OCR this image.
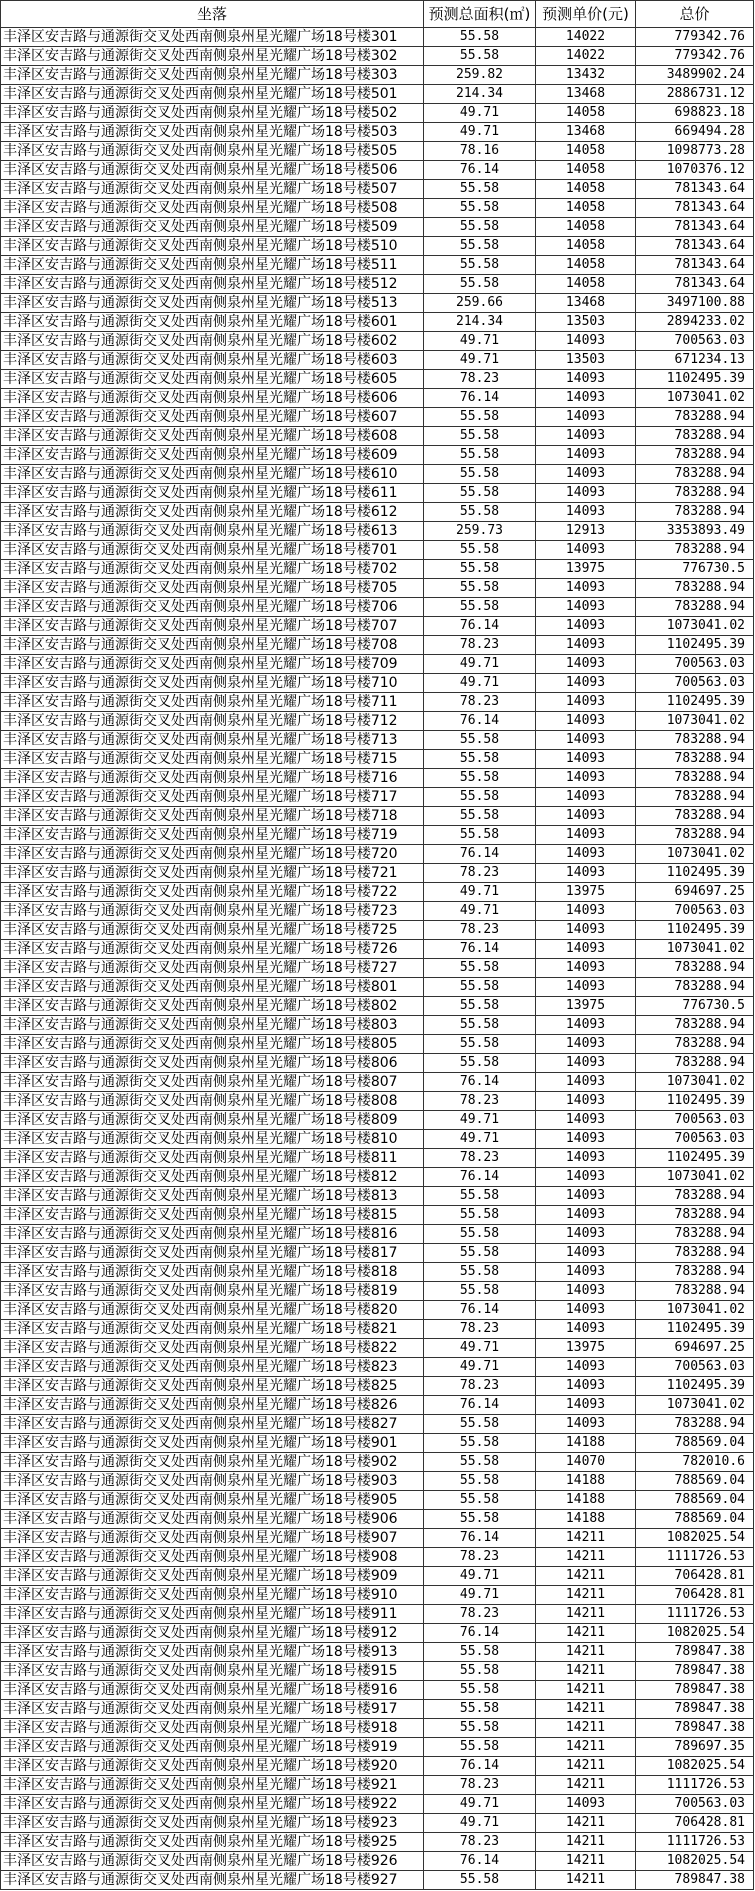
坐落	预测总面积(㎡)	预测单价(元)	总价
丰泽区安吉路与通源街交叉处西南侧泉州星光耀广场18号楼301	55.58	14022	779342.76
丰泽区安吉路与通源街交叉处西南侧泉州星光耀广场18号楼302	55.58	14022	779342.76
丰泽区安吉路与通源街交叉处西南侧泉州星光耀广场18号楼303	259.82	13432	3489902.24
丰泽区安吉路与通源街交叉处西南侧泉州星光耀广场18号楼501	214.34	13468	2886731.12
丰泽区安吉路与通源街交叉处西南侧泉州星光耀广场18号楼502	49.71	14058	698823.18
丰泽区安吉路与通源街交叉处西南侧泉州星光耀广场18号楼503	49.71	13468	669494.28
丰泽区安吉路与通源街交叉处西南侧泉州星光耀广场18号楼505	78.16	14058	1098773.28
丰泽区安吉路与通源街交叉处西南侧泉州星光耀广场18号楼506	76.14	14058	1070376.12
丰泽区安吉路与通源街交叉处西南侧泉州星光耀广场18号楼507	55.58	14058	781343.64
丰泽区安吉路与通源街交叉处西南侧泉州星光耀广场18号楼508	55.58	14058	781343.64
丰泽区安吉路与通源街交叉处西南侧泉州星光耀广场18号楼509	55.58	14058	781343.64
丰泽区安吉路与通源街交叉处西南侧泉州星光耀广场18号楼510	55.58	14058	781343.64
丰泽区安吉路与通源街交叉处西南侧泉州星光耀广场18号楼511	55.58	14058	781343.64
丰泽区安吉路与通源街交叉处西南侧泉州星光耀广场18号楼512	55.58	14058	781343.64
丰泽区安吉路与通源街交叉处西南侧泉州星光耀广场18号楼513	259.66	13468	3497100.88
丰泽区安吉路与通源街交叉处西南侧泉州星光耀广场18号楼601	214.34	13503	2894233.02
丰泽区安吉路与通源街交叉处西南侧泉州星光耀广场18号楼602	49.71	14093	700563.03
丰泽区安吉路与通源街交叉处西南侧泉州星光耀广场18号楼603	49.71	13503	671234.13
丰泽区安吉路与通源街交叉处西南侧泉州星光耀广场18号楼605	78.23	14093	1102495.39
丰泽区安吉路与通源街交叉处西南侧泉州星光耀广场18号楼606	76.14	14093	1073041.02
丰泽区安吉路与通源街交叉处西南侧泉州星光耀广场18号楼607	55.58	14093	783288.94
丰泽区安吉路与通源街交叉处西南侧泉州星光耀广场18号楼608	55.58	14093	783288.94
丰泽区安吉路与通源街交叉处西南侧泉州星光耀广场18号楼609	55.58	14093	783288.94
丰泽区安吉路与通源街交叉处西南侧泉州星光耀广场18号楼610	55.58	14093	783288.94
丰泽区安吉路与通源街交叉处西南侧泉州星光耀广场18号楼611	55.58	14093	783288.94
丰泽区安吉路与通源街交叉处西南侧泉州星光耀广场18号楼612	55.58	14093	783288.94
丰泽区安吉路与通源街交叉处西南侧泉州星光耀广场18号楼613	259.73	12913	3353893.49
丰泽区安吉路与通源街交叉处西南侧泉州星光耀广场18号楼701	55.58	14093	783288.94
丰泽区安吉路与通源街交叉处西南侧泉州星光耀广场18号楼702	55.58	13975	776730.5
丰泽区安吉路与通源街交叉处西南侧泉州星光耀广场18号楼705	55.58	14093	783288.94
丰泽区安吉路与通源街交叉处西南侧泉州星光耀广场18号楼706	55.58	14093	783288.94
丰泽区安吉路与通源街交叉处西南侧泉州星光耀广场18号楼707	76.14	14093	1073041.02
丰泽区安吉路与通源街交叉处西南侧泉州星光耀广场18号楼708	78.23	14093	1102495.39
丰泽区安吉路与通源街交叉处西南侧泉州星光耀广场18号楼709	49.71	14093	700563.03
丰泽区安吉路与通源街交叉处西南侧泉州星光耀广场18号楼710	49.71	14093	700563.03
丰泽区安吉路与通源街交叉处西南侧泉州星光耀广场18号楼711	78.23	14093	1102495.39
丰泽区安吉路与通源街交叉处西南侧泉州星光耀广场18号楼712	76.14	14093	1073041.02
丰泽区安吉路与通源街交叉处西南侧泉州星光耀广场18号楼713	55.58	14093	783288.94
丰泽区安吉路与通源街交叉处西南侧泉州星光耀广场18号楼715	55.58	14093	783288.94
丰泽区安吉路与通源街交叉处西南侧泉州星光耀广场18号楼716	55.58	14093	783288.94
丰泽区安吉路与通源街交叉处西南侧泉州星光耀广场18号楼717	55.58	14093	783288.94
丰泽区安吉路与通源街交叉处西南侧泉州星光耀广场18号楼718	55.58	14093	783288.94
丰泽区安吉路与通源街交叉处西南侧泉州星光耀广场18号楼719	55.58	14093	783288.94
丰泽区安吉路与通源街交叉处西南侧泉州星光耀广场18号楼720	76.14	14093	1073041.02
丰泽区安吉路与通源街交叉处西南侧泉州星光耀广场18号楼721	78.23	14093	1102495.39
丰泽区安吉路与通源街交叉处西南侧泉州星光耀广场18号楼722	49.71	13975	694697.25
丰泽区安吉路与通源街交叉处西南侧泉州星光耀广场18号楼723	49.71	14093	700563.03
丰泽区安吉路与通源街交叉处西南侧泉州星光耀广场18号楼725	78.23	14093	1102495.39
丰泽区安吉路与通源街交叉处西南侧泉州星光耀广场18号楼726	76.14	14093	1073041.02
丰泽区安吉路与通源街交叉处西南侧泉州星光耀广场18号楼727	55.58	14093	783288.94
丰泽区安吉路与通源街交叉处西南侧泉州星光耀广场18号楼801	55.58	14093	783288.94
丰泽区安吉路与通源街交叉处西南侧泉州星光耀广场18号楼802	55.58	13975	776730.5
丰泽区安吉路与通源街交叉处西南侧泉州星光耀广场18号楼803	55.58	14093	783288.94
丰泽区安吉路与通源街交叉处西南侧泉州星光耀广场18号楼805	55.58	14093	783288.94
丰泽区安吉路与通源街交叉处西南侧泉州星光耀广场18号楼806	55.58	14093	783288.94
丰泽区安吉路与通源街交叉处西南侧泉州星光耀广场18号楼807	76.14	14093	1073041.02
丰泽区安吉路与通源街交叉处西南侧泉州星光耀广场18号楼808	78.23	14093	1102495.39
丰泽区安吉路与通源街交叉处西南侧泉州星光耀广场18号楼809	49.71	14093	700563.03
丰泽区安吉路与通源街交叉处西南侧泉州星光耀广场18号楼810	49.71	14093	700563.03
丰泽区安吉路与通源街交叉处西南侧泉州星光耀广场18号楼811	78.23	14093	1102495.39
丰泽区安吉路与通源街交叉处西南侧泉州星光耀广场18号楼812	76.14	14093	1073041.02
丰泽区安吉路与通源街交叉处西南侧泉州星光耀广场18号楼813	55.58	14093	783288.94
丰泽区安吉路与通源街交叉处西南侧泉州星光耀广场18号楼815	55.58	14093	783288.94
丰泽区安吉路与通源街交叉处西南侧泉州星光耀广场18号楼816	55.58	14093	783288.94
丰泽区安吉路与通源街交叉处西南侧泉州星光耀广场18号楼817	55.58	14093	783288.94
丰泽区安吉路与通源街交叉处西南侧泉州星光耀广场18号楼818	55.58	14093	783288.94
丰泽区安吉路与通源街交叉处西南侧泉州星光耀广场18号楼819	55.58	14093	783288.94
丰泽区安吉路与通源街交叉处西南侧泉州星光耀广场18号楼820	76.14	14093	1073041.02
丰泽区安吉路与通源街交叉处西南侧泉州星光耀广场18号楼821	78.23	14093	1102495.39
丰泽区安吉路与通源街交叉处西南侧泉州星光耀广场18号楼822	49.71	13975	694697.25
丰泽区安吉路与通源街交叉处西南侧泉州星光耀广场18号楼823	49.71	14093	700563.03
丰泽区安吉路与通源街交叉处西南侧泉州星光耀广场18号楼825	78.23	14093	1102495.39
丰泽区安吉路与通源街交叉处西南侧泉州星光耀广场18号楼826	76.14	14093	1073041.02
丰泽区安吉路与通源街交叉处西南侧泉州星光耀广场18号楼827	55.58	14093	783288.94
丰泽区安吉路与通源街交叉处西南侧泉州星光耀广场18号楼901	55.58	14188	788569.04
丰泽区安吉路与通源街交叉处西南侧泉州星光耀广场18号楼902	55.58	14070	782010.6
丰泽区安吉路与通源街交叉处西南侧泉州星光耀广场18号楼903	55.58	14188	788569.04
丰泽区安吉路与通源街交叉处西南侧泉州星光耀广场18号楼905	55.58	14188	788569.04
丰泽区安吉路与通源街交叉处西南侧泉州星光耀广场18号楼906	55.58	14188	788569.04
丰泽区安吉路与通源街交叉处西南侧泉州星光耀广场18号楼907	76.14	14211	1082025.54
丰泽区安吉路与通源街交叉处西南侧泉州星光耀广场18号楼908	78.23	14211	1111726.53
丰泽区安吉路与通源街交叉处西南侧泉州星光耀广场18号楼909	49.71	14211	706428.81
丰泽区安吉路与通源街交叉处西南侧泉州星光耀广场18号楼910	49.71	14211	706428.81
丰泽区安吉路与通源街交叉处西南侧泉州星光耀广场18号楼911	78.23	14211	1111726.53
丰泽区安吉路与通源街交叉处西南侧泉州星光耀广场18号楼912	76.14	14211	1082025.54
丰泽区安吉路与通源街交叉处西南侧泉州星光耀广场18号楼913	55.58	14211	789847.38
丰泽区安吉路与通源街交叉处西南侧泉州星光耀广场18号楼915	55.58	14211	789847.38
丰泽区安吉路与通源街交叉处西南侧泉州星光耀广场18号楼916	55.58	14211	789847.38
丰泽区安吉路与通源街交叉处西南侧泉州星光耀广场18号楼917	55.58	14211	789847.38
丰泽区安吉路与通源街交叉处西南侧泉州星光耀广场18号楼918	55.58	14211	789847.38
丰泽区安吉路与通源街交叉处西南侧泉州星光耀广场18号楼919	55.58	14211	789697.35
丰泽区安吉路与通源街交叉处西南侧泉州星光耀广场18号楼920	76.14	14211	1082025.54
丰泽区安吉路与通源街交叉处西南侧泉州星光耀广场18号楼921	78.23	14211	1111726.53
丰泽区安吉路与通源街交叉处西南侧泉州星光耀广场18号楼922	49.71	14093	700563.03
丰泽区安吉路与通源街交叉处西南侧泉州星光耀广场18号楼923	49.71	14211	706428.81
丰泽区安吉路与通源街交叉处西南侧泉州星光耀广场18号楼925	78.23	14211	1111726.53
丰泽区安吉路与通源街交叉处西南侧泉州星光耀广场18号楼926	76.14	14211	1082025.54
丰泽区安吉路与通源街交叉处西南侧泉州星光耀广场18号楼927	55.58	14211	789847.38
